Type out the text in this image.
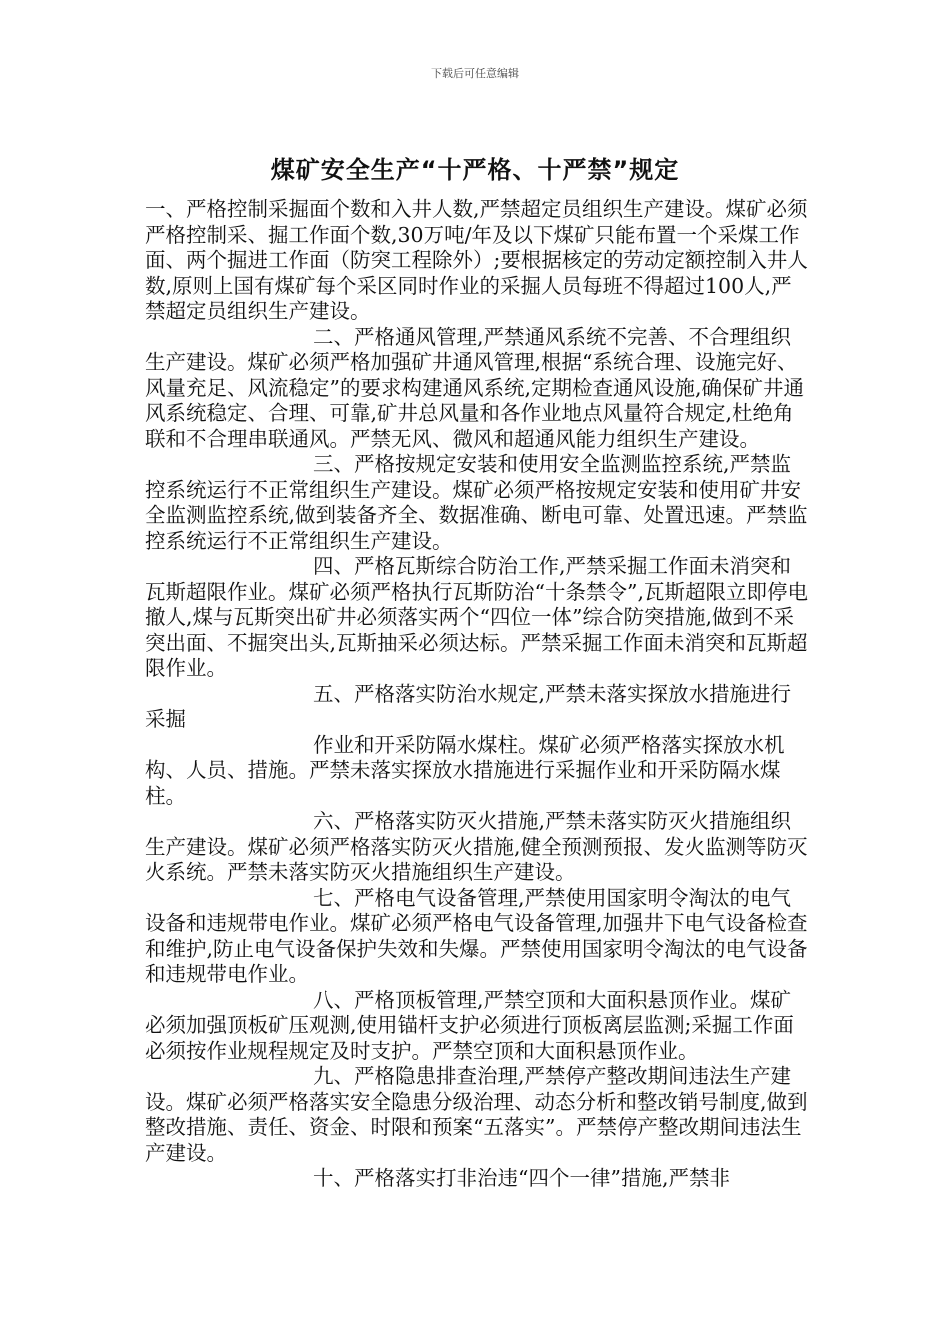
下载后可任意编辑
煤矿安全生产“十严格、十严禁”规定

一、严格控制采掘面个数和入井人数,严禁超定员组织生产建设。煤矿必须严格控制采、掘工作面个数,30万吨/年及以下煤矿只能布置一个采煤工作面、两个掘进工作面（防突工程除外）;要根据核定的劳动定额控制入井人数,原则上国有煤矿每个采区同时作业的采掘人员每班不得超过100人,严禁超定员组织生产建设。

二、严格通风管理,严禁通风系统不完善、不合理组织生产建设。煤矿必须严格加强矿井通风管理,根据“系统合理、设施完好、风量充足、风流稳定”的要求构建通风系统,定期检查通风设施,确保矿井通风系统稳定、合理、可靠,矿井总风量和各作业地点风量符合规定,杜绝角联和不合理串联通风。严禁无风、微风和超通风能力组织生产建设。

三、严格按规定安装和使用安全监测监控系统,严禁监控系统运行不正常组织生产建设。煤矿必须严格按规定安装和使用矿井安全监测监控系统,做到装备齐全、数据准确、断电可靠、处置迅速。严禁监控系统运行不正常组织生产建设。

四、严格瓦斯综合防治工作,严禁采掘工作面未消突和瓦斯超限作业。煤矿必须严格执行瓦斯防治“十条禁令”,瓦斯超限立即停电撤人,煤与瓦斯突出矿井必须落实两个“四位一体”综合防突措施,做到不采突出面、不掘突出头,瓦斯抽采必须达标。严禁采掘工作面未消突和瓦斯超限作业。

五、严格落实防治水规定,严禁未落实探放水措施进行采掘

作业和开采防隔水煤柱。煤矿必须严格落实探放水机构、人员、措施。严禁未落实探放水措施进行采掘作业和开采防隔水煤柱。

六、严格落实防灭火措施,严禁未落实防灭火措施组织生产建设。煤矿必须严格落实防灭火措施,健全预测预报、发火监测等防灭火系统。严禁未落实防灭火措施组织生产建设。

七、严格电气设备管理,严禁使用国家明令淘汰的电气设备和违规带电作业。煤矿必须严格电气设备管理,加强井下电气设备检查和维护,防止电气设备保护失效和失爆。严禁使用国家明令淘汰的电气设备和违规带电作业。

八、严格顶板管理,严禁空顶和大面积悬顶作业。煤矿必须加强顶板矿压观测,使用锚杆支护必须进行顶板离层监测;采掘工作面必须按作业规程规定及时支护。严禁空顶和大面积悬顶作业。

九、严格隐患排查治理,严禁停产整改期间违法生产建设。煤矿必须严格落实安全隐患分级治理、动态分析和整改销号制度,做到整改措施、责任、资金、时限和预案“五落实”。严禁停产整改期间违法生产建设。

十、严格落实打非治违“四个一律”措施,严禁非
